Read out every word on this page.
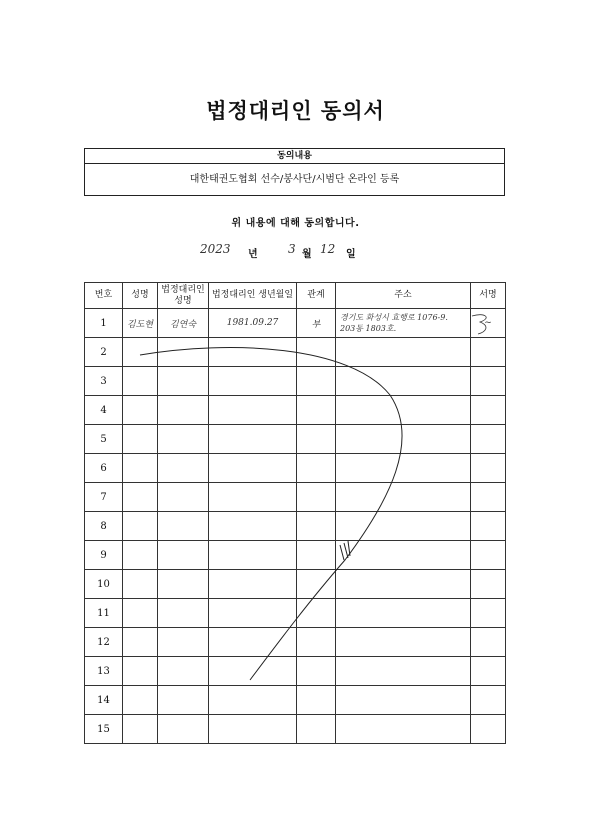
법정대리인 동의서
동의내용
대한태권도협회 선수/봉사단/시범단 온라인 등록
위 내용에 대해 동의합니다.
2023 년	3 월 12 일
번호	성명	법정대리인 성명	법정대리인 생년월일	관계	주소	서명
1	김도현	김연숙	1981.09.27	부	경기도 화성시 효행로 1076-9.
203동 1803호.	~
2						
3						
4						
5						
6						
7						
8						
9						
10						
11						
12						
13						
14						
15						
